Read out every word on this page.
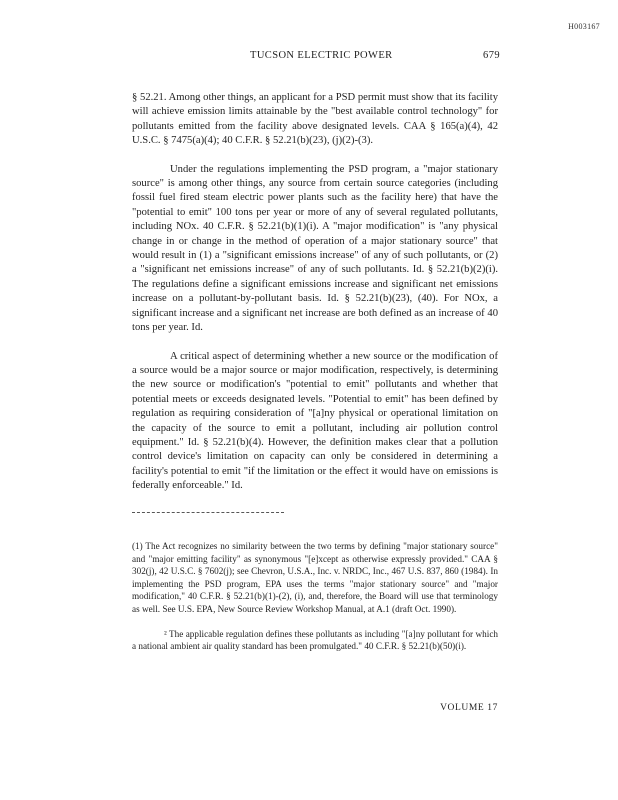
H003167
TUCSON ELECTRIC POWER	679

§ 52.21. Among other things, an applicant for a PSD permit must show that its facility will achieve emission limits attainable by the "best available control technology" for pollutants emitted from the facility above designated levels. CAA § 165(a)(4), 42 U.S.C. § 7475(a)(4); 40 C.F.R. § 52.21(b)(23), (j)(2)-(3).

Under the regulations implementing the PSD program, a "major stationary source" is among other things, any source from certain source categories (including fossil fuel fired steam electric power plants such as the facility here) that have the "potential to emit" 100 tons per year or more of any of several regulated pollutants, including NOx. 40 C.F.R. § 52.21(b)(1)(i). A "major modification" is "any physical change in or change in the method of operation of a major stationary source" that would result in (1) a "significant emissions increase" of any of such pollutants, or (2) a "significant net emissions increase" of any of such pollutants. Id. § 52.21(b)(2)(i). The regulations define a significant emissions increase and significant net emissions increase on a pollutant-by-pollutant basis. Id. § 52.21(b)(23), (40). For NOx, a significant increase and a significant net increase are both defined as an increase of 40 tons per year. Id.

A critical aspect of determining whether a new source or the modification of a source would be a major source or major modification, respectively, is determining the new source or modification's "potential to emit" pollutants and whether that potential meets or exceeds designated levels. "Potential to emit" has been defined by regulation as requiring consideration of "[a]ny physical or operational limitation on the capacity of the source to emit a pollutant, including air pollution control equipment." Id. § 52.21(b)(4). However, the definition makes clear that a pollution control device's limitation on capacity can only be considered in determining a facility's potential to emit "if the limitation or the effect it would have on emissions is federally enforceable." Id.

(1) The Act recognizes no similarity between the two terms by defining "major stationary source" and "major emitting facility" as synonymous "[e]xcept as otherwise expressly provided." CAA § 302(j), 42 U.S.C. § 7602(j); see Chevron, U.S.A., Inc. v. NRDC, Inc., 467 U.S. 837, 860 (1984). In implementing the PSD program, EPA uses the terms "major stationary source" and "major modification," 40 C.F.R. § 52.21(b)(1)-(2), (i), and, therefore, the Board will use that terminology as well. See U.S. EPA, New Source Review Workshop Manual, at A.1 (draft Oct. 1990).

² The applicable regulation defines these pollutants as including "[a]ny pollutant for which a national ambient air quality standard has been promulgated." 40 C.F.R. § 52.21(b)(50)(i).

VOLUME 17
